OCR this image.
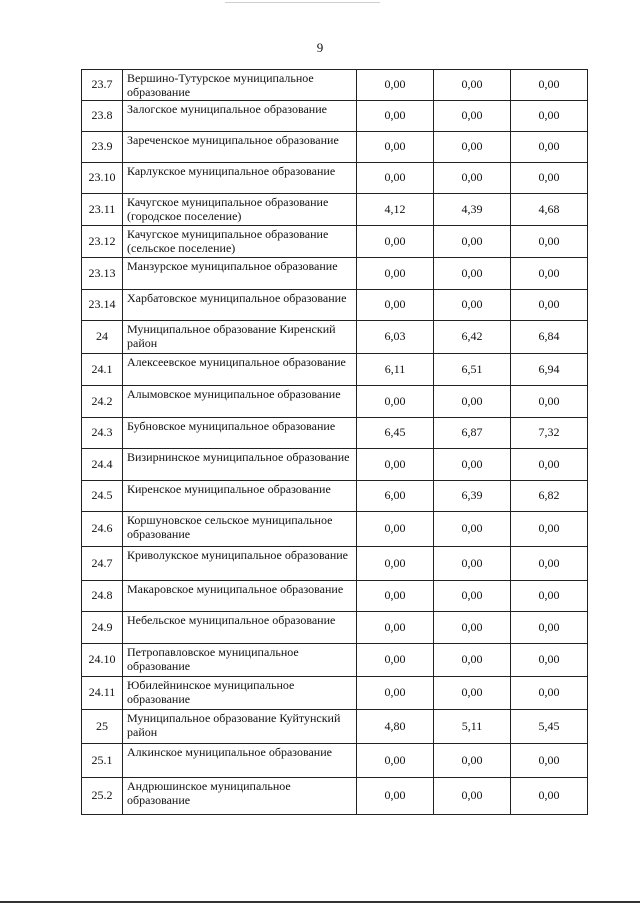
9
23.7	Вершино-Тутурское муниципальное образование	0,00	0,00	0,00
23.8	Залогское муниципальное образование	0,00	0,00	0,00
23.9	Зареченское муниципальное образование	0,00	0,00	0,00
23.10	Карлукское муниципальное образование	0,00	0,00	0,00
23.11	Качугское муниципальное образование (городское поселение)	4,12	4,39	4,68
23.12	Качугское муниципальное образование (сельское поселение)	0,00	0,00	0,00
23.13	Манзурское муниципальное образование	0,00	0,00	0,00
23.14	Харбатовское муниципальное образование	0,00	0,00	0,00
24	Муниципальное образование Киренский район	6,03	6,42	6,84
24.1	Алексеевское муниципальное образование	6,11	6,51	6,94
24.2	Алымовское муниципальное образование	0,00	0,00	0,00
24.3	Бубновское муниципальное образование	6,45	6,87	7,32
24.4	Визирнинское муниципальное образование	0,00	0,00	0,00
24.5	Киренское муниципальное образование	6,00	6,39	6,82
24.6	Коршуновское сельское муниципальное образование	0,00	0,00	0,00
24.7	Криволукское муниципальное образование	0,00	0,00	0,00
24.8	Макаровское муниципальное образование	0,00	0,00	0,00
24.9	Небельское муниципальное образование	0,00	0,00	0,00
24.10	Петропавловское муниципальное образование	0,00	0,00	0,00
24.11	Юбилейнинское муниципальное образование	0,00	0,00	0,00
25	Муниципальное образование Куйтунский район	4,80	5,11	5,45
25.1	Алкинское муниципальное образование	0,00	0,00	0,00
25.2	Андрюшинское муниципальное образование	0,00	0,00	0,00
